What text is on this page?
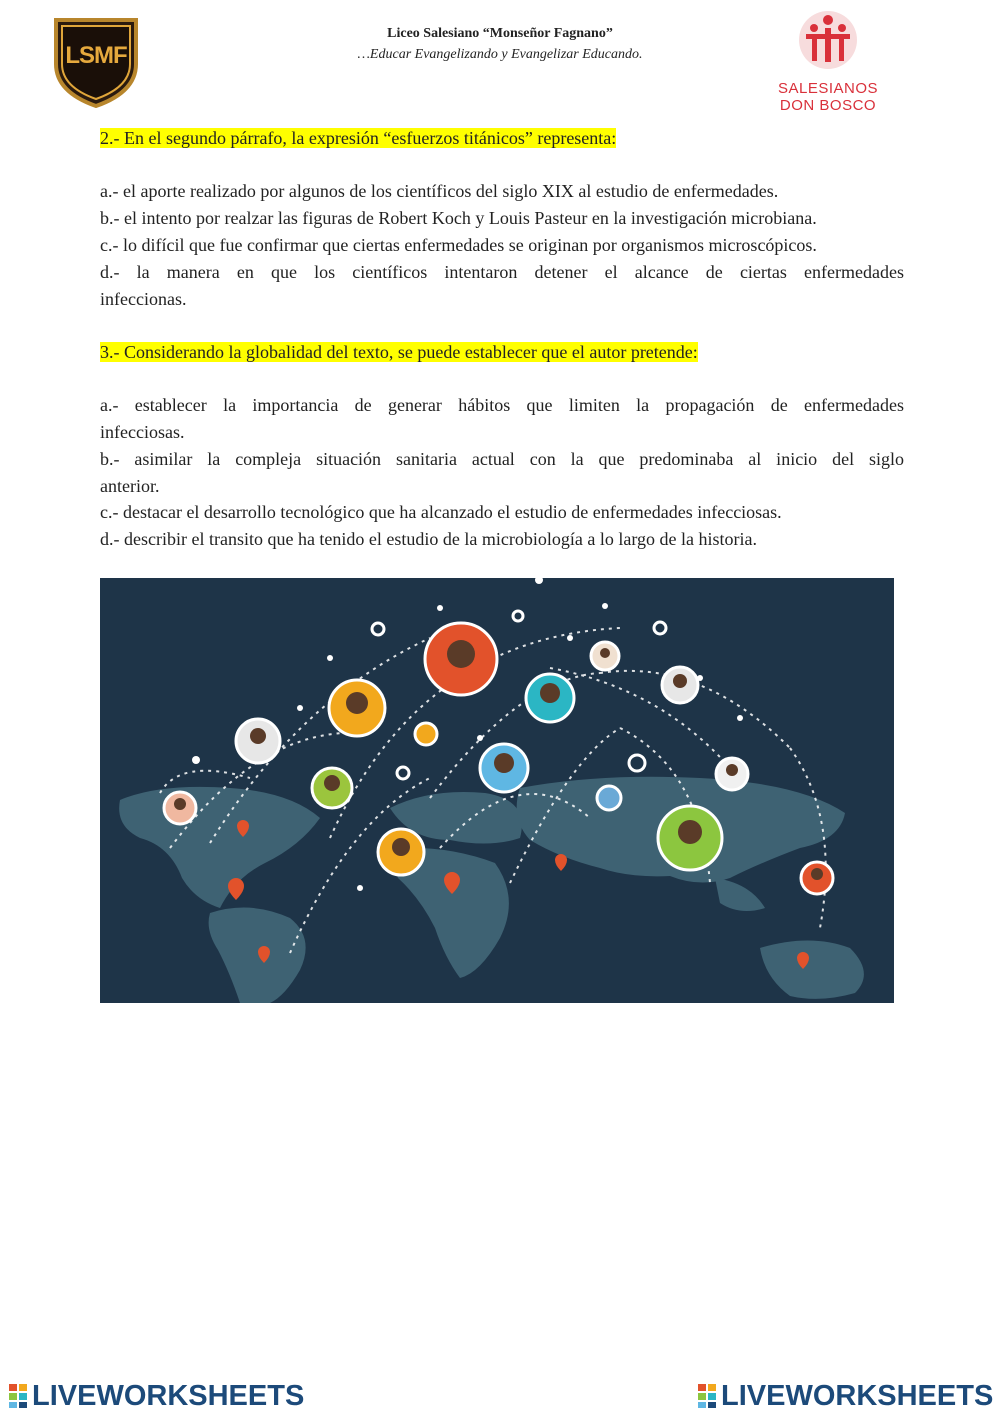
LSMF
Liceo Salesiano “Monseñor Fagnano”
…Educar Evangelizando y Evangelizar Educando.
SALESIANOS
DON BOSCO
2.- En el segundo párrafo, la expresión “esfuerzos titánicos” representa:
a.- el aporte realizado por algunos de los científicos del siglo XIX al estudio de enfermedades.
b.- el intento por realzar las figuras de Robert Koch y Louis Pasteur en la investigación microbiana.
c.- lo difícil que fue confirmar que ciertas enfermedades se originan por organismos microscópicos.
d.- la manera en que los científicos intentaron detener el alcance de ciertas enfermedades
infeccionas.
3.- Considerando la globalidad del texto, se puede establecer que el autor pretende:
a.- establecer la importancia de generar hábitos que limiten la propagación de enfermedades
infecciosas.
b.- asimilar la compleja situación sanitaria actual con la que predominaba al inicio del siglo
anterior.
c.- destacar el desarrollo tecnológico que ha alcanzado el estudio de enfermedades infecciosas.
d.- describir el transito que ha tenido el estudio de la microbiología a lo largo de la historia.
LIVEWORKSHEETS	LIVEWORKSHEETS
